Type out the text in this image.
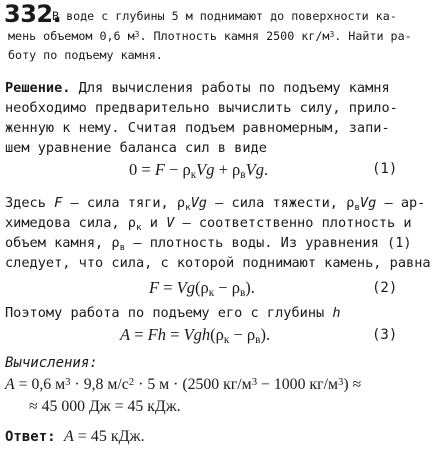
332.
В воде с глубины 5 м поднимают до поверхности ка-
мень объемом 0,6 $м^3$. Плотность камня 2500 $кг/м^3$. Найти ра-
боту по подъему камня.
Решение. Для вычисления работы по подъему камня
необходимо предварительно вычислить силу, прило-
женную к нему. Считая подъем равномерным, запи-
шем уравнение баланса сил в виде
$0 = F - \rho_кVg + \rho_вVg$.	(1)
Здесь F — сила тяги, $\rho_кVg$ — сила тяжести, $\rho_вVg$ — ар-
химедова сила, $\rho_к$ и V — соответственно плотность и
объем камня, $\rho_в$ — плотность воды. Из уравнения (1)
следует, что сила, с которой поднимают камень, равна
$F = Vg(\rho_к - \rho_в)$.	(2)
Поэтому работа по подъему его с глубины h
$A = Fh = Vgh(\rho_к - \rho_в)$.	(3)
Вычисления:
A = 0,6 $м^3 \cdot 9,8$ $м/с^2 \cdot 5$ м · (2500 $кг/м^3 - 1000$ $кг/м^3$) ≈
≈ 45 000 Дж = 45 кДж.
Ответ: A = 45 кДж.
